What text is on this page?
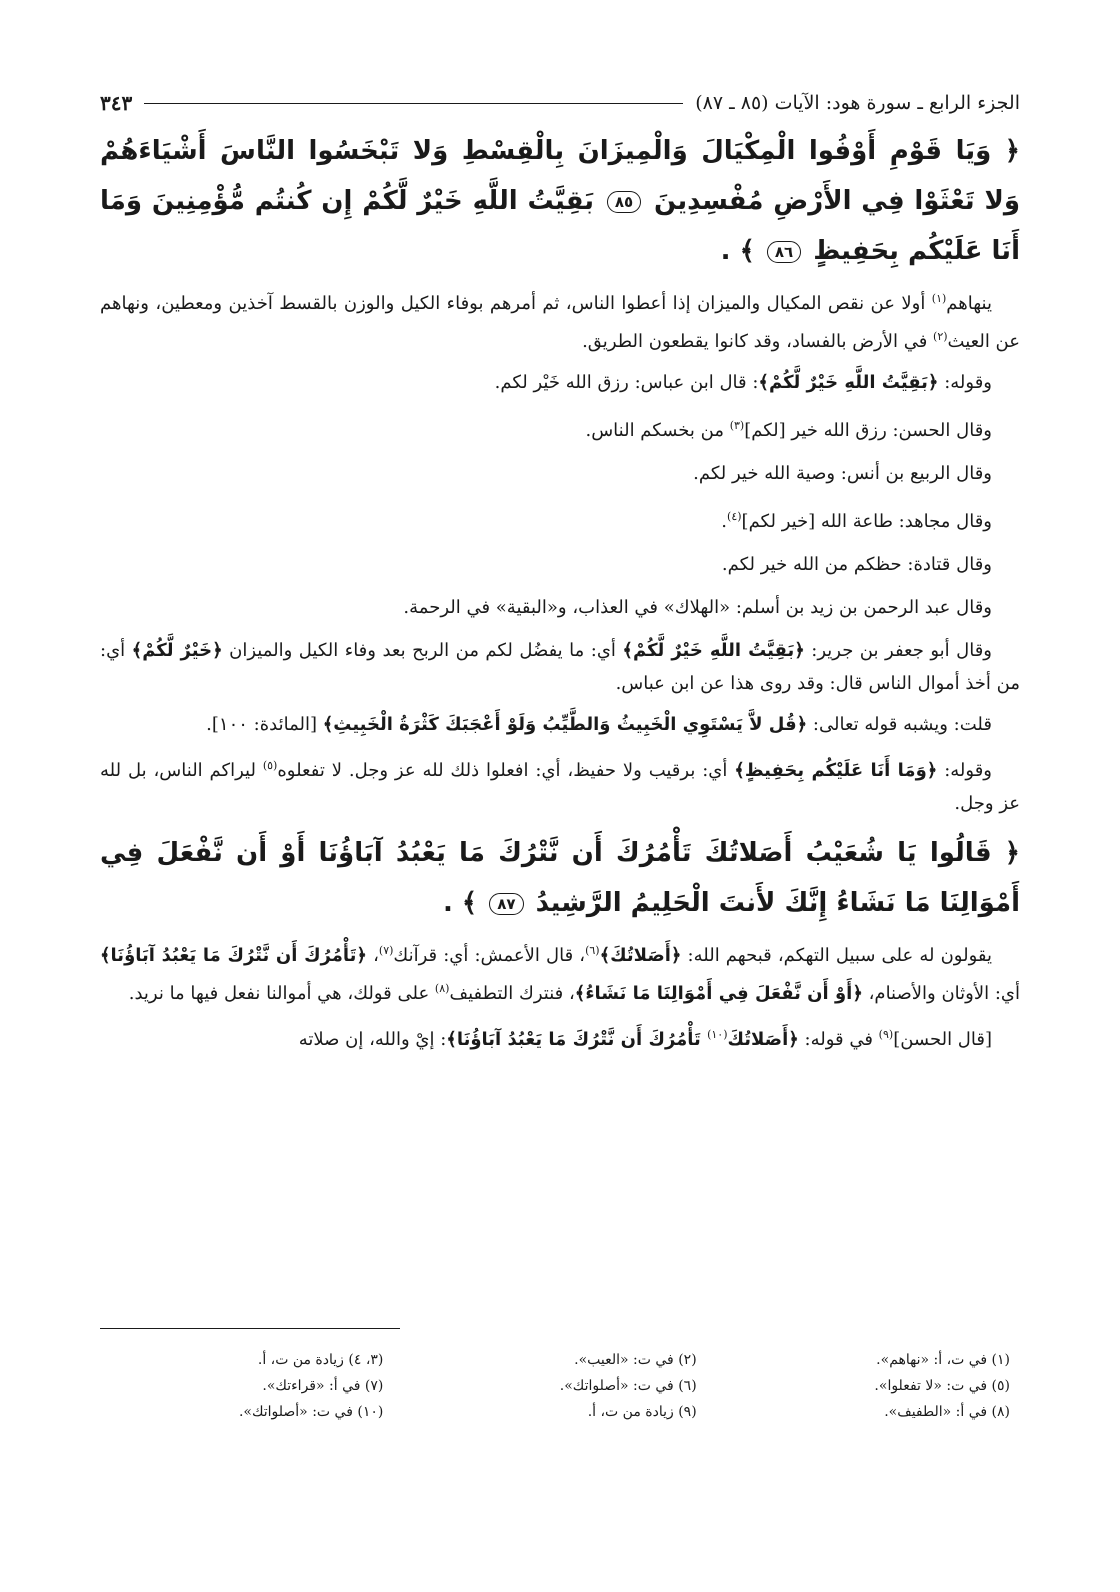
الجزء الرابع ـ سورة هود: الآيات (٨٥ ـ ٨٧)
٣٤٣

﴿ وَيَا قَوْمِ أَوْفُوا الْمِكْيَالَ وَالْمِيزَانَ بِالْقِسْطِ وَلا تَبْخَسُوا النَّاسَ أَشْيَاءَهُمْ وَلا تَعْثَوْا فِي الأَرْضِ مُفْسِدِينَ ٨٥ بَقِيَّتُ اللَّهِ خَيْرٌ لَّكُمْ إِن كُنتُم مُّؤْمِنِينَ وَمَا أَنَا عَلَيْكُم بِحَفِيظٍ ٨٦ ﴾ .

ينهاهم$^{(١)}$ أولا عن نقص المكيال والميزان إذا أعطوا الناس، ثم أمرهم بوفاء الكيل والوزن بالقسط آخذين ومعطين، ونهاهم عن العيث$^{(٢)}$ في الأرض بالفساد، وقد كانوا يقطعون الطريق.

وقوله: ﴿بَقِيَّتُ اللَّهِ خَيْرٌ لَّكُمْ﴾: قال ابن عباس: رزق الله خَيْر لكم.

وقال الحسن: رزق الله خير [لكم]$^{(٣)}$ من بخسكم الناس.

وقال الربيع بن أنس: وصية الله خير لكم.

وقال مجاهد: طاعة الله [خير لكم]$^{(٤)}$.

وقال قتادة: حظكم من الله خير لكم.

وقال عبد الرحمن بن زيد بن أسلم: «الهلاك» في العذاب، و«البقية» في الرحمة.

وقال أبو جعفر بن جرير: ﴿بَقِيَّتُ اللَّهِ خَيْرٌ لَّكُمْ﴾ أي: ما يفضُل لكم من الربح بعد وفاء الكيل والميزان ﴿خَيْرٌ لَّكُمْ﴾ أي: من أخذ أموال الناس قال: وقد روى هذا عن ابن عباس.

قلت: ويشبه قوله تعالى: ﴿قُل لاَّ يَسْتَوِي الْخَبِيثُ وَالطَّيِّبُ وَلَوْ أَعْجَبَكَ كَثْرَةُ الْخَبِيثِ﴾ [المائدة: ١٠٠].

وقوله: ﴿وَمَا أَنَا عَلَيْكُم بِحَفِيظٍ﴾ أي: برقيب ولا حفيظ، أي: افعلوا ذلك لله عز وجل. لا تفعلوه$^{(٥)}$ ليراكم الناس، بل لله عز وجل.

﴿ قَالُوا يَا شُعَيْبُ أَصَلاتُكَ تَأْمُرُكَ أَن نَّتْرُكَ مَا يَعْبُدُ آبَاؤُنَا أَوْ أَن نَّفْعَلَ فِي أَمْوَالِنَا مَا نَشَاءُ إِنَّكَ لأَنتَ الْحَلِيمُ الرَّشِيدُ ٨٧ ﴾ .

يقولون له على سبيل التهكم، قبحهم الله: ﴿أَصَلاتُكَ﴾$^{(٦)}$، قال الأعمش: أي: قرآنك$^{(٧)}$، ﴿تَأْمُرُكَ أَن نَّتْرُكَ مَا يَعْبُدُ آبَاؤُنَا﴾ أي: الأوثان والأصنام، ﴿أَوْ أَن نَّفْعَلَ فِي أَمْوَالِنَا مَا نَشَاءُ﴾، فنترك التطفيف$^{(٨)}$ على قولك، هي أموالنا نفعل فيها ما نريد.

[قال الحسن]$^{(٩)}$ في قوله: ﴿أَصَلاتُكَ$^{(١٠)}$ تَأْمُرُكَ أَن نَّتْرُكَ مَا يَعْبُدُ آبَاؤُنَا﴾: إيْ والله، إن صلاته

(١) في ت، أ: «نهاهم».
(٢) في ت: «العيب».
(٣، ٤) زيادة من ت، أ.
(٥) في ت: «لا تفعلوا».
(٦) في ت: «أصلواتك».
(٧) في أ: «قراءتك».
(٨) في أ: «الطفيف».
(٩) زيادة من ت، أ.
(١٠) في ت: «أصلواتك».
